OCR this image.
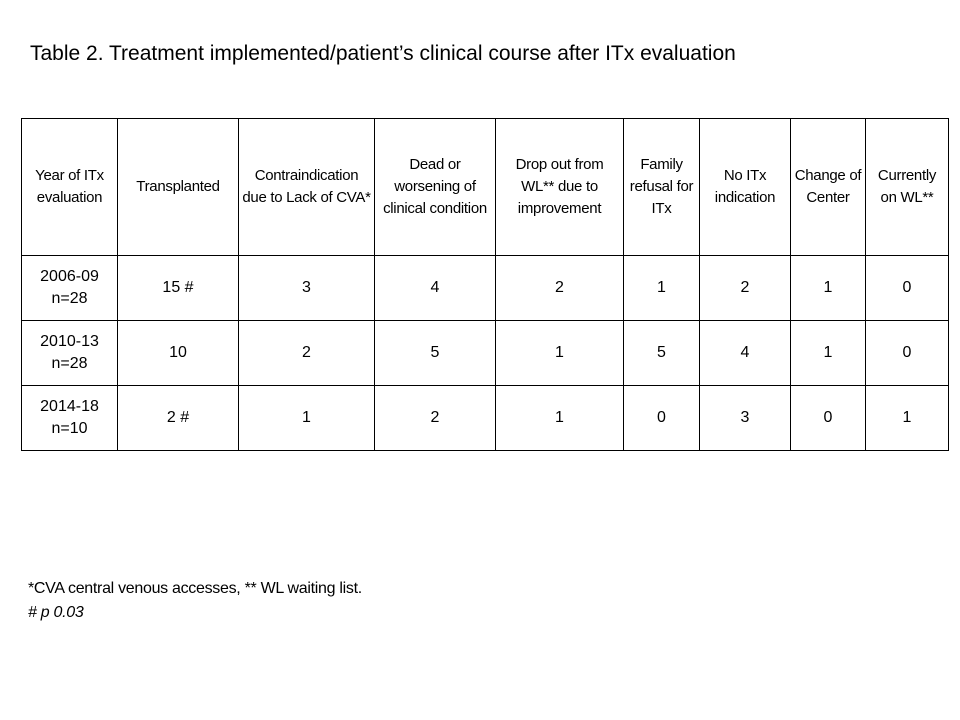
Table 2. Treatment implemented/patient’s clinical course after ITx evaluation
Year of ITx evaluation	Transplanted	Contraindication due to Lack of CVA*	Dead or worsening of clinical condition	Drop out from WL** due to improvement	Family refusal for ITx	No ITx indication	Change of Center	Currently on WL**
2006-09
n=28	15 #	3	4	2	1	2	1	0
2010-13
n=28	10	2	5	1	5	4	1	0
2014-18
n=10	2 #	1	2	1	0	3	0	1
*CVA central venous accesses, ** WL waiting list.
# p 0.03
